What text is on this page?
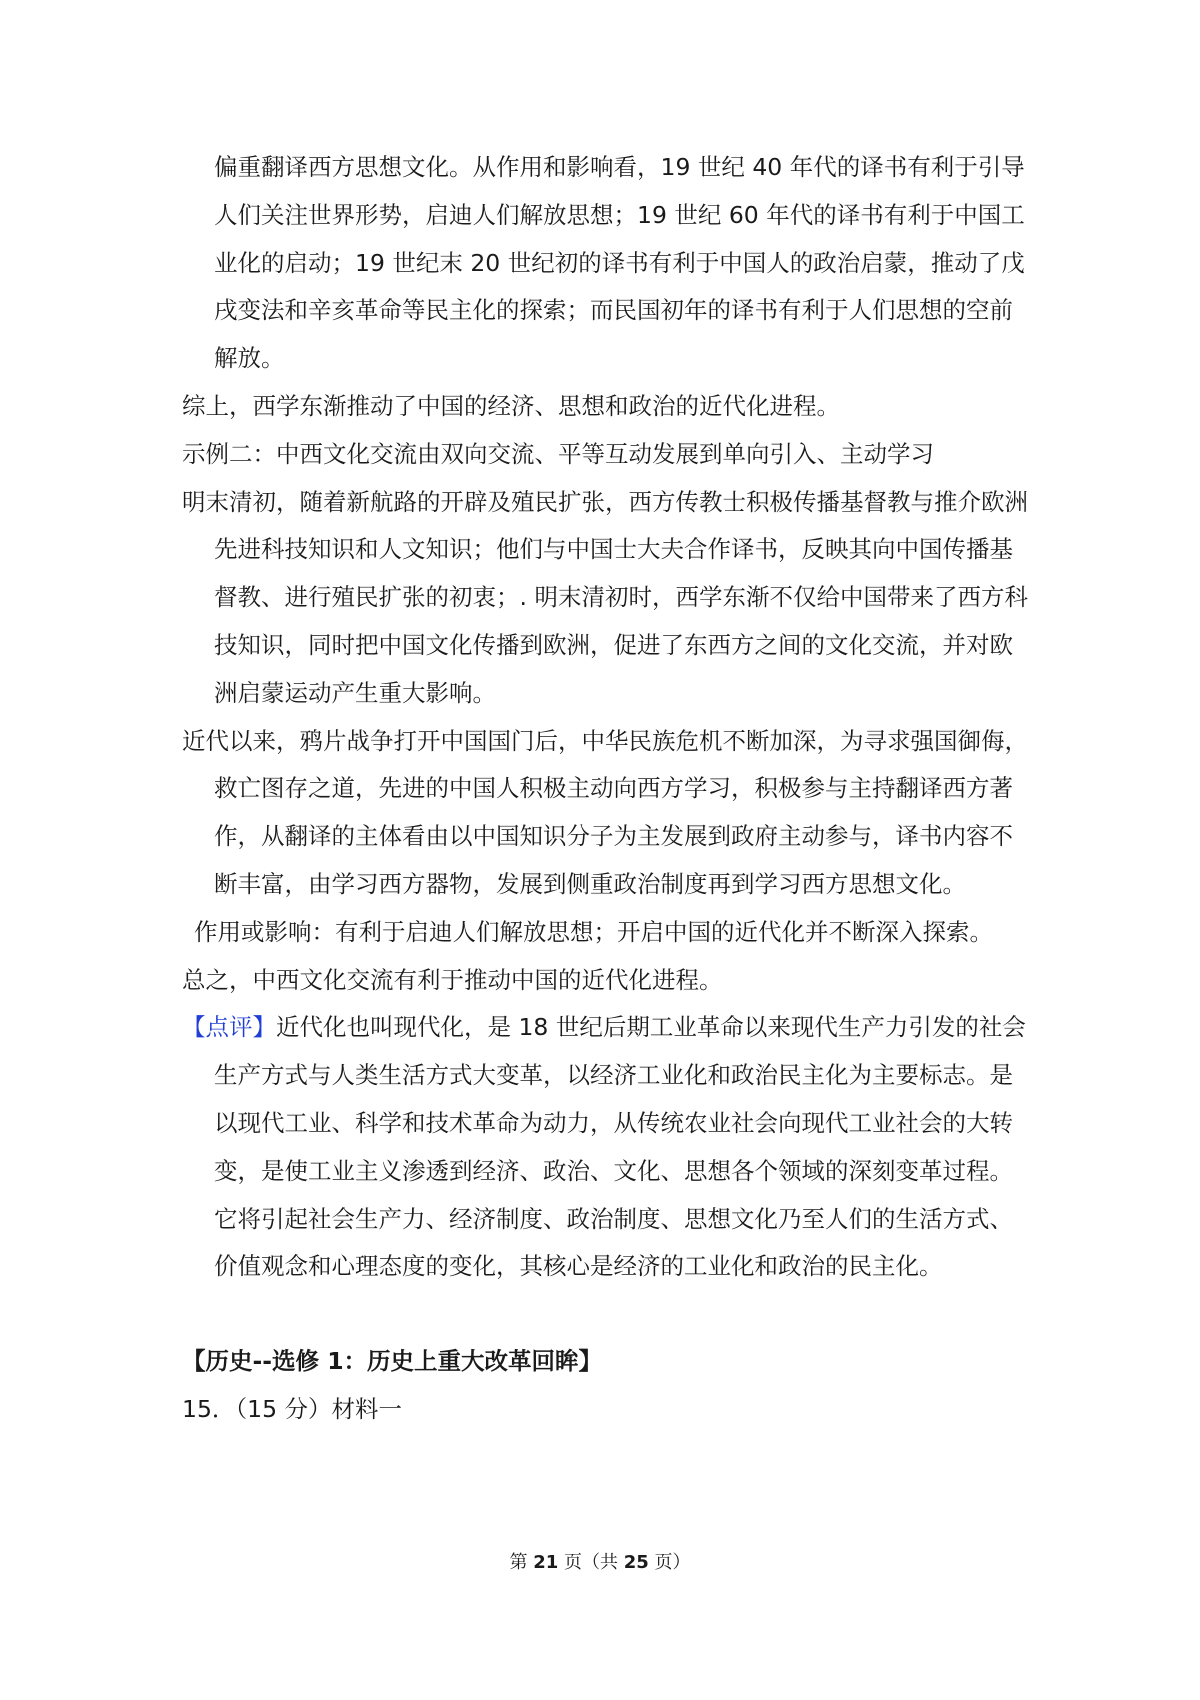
偏重翻译西方思想文化。从作用和影响看，19 世纪 40 年代的译书有利于引导人们关注世界形势，启迪人们解放思想；19 世纪 60 年代的译书有利于中国工业化的启动；19 世纪末 20 世纪初的译书有利于中国人的政治启蒙，推动了戊戌变法和辛亥革命等民主化的探索；而民国初年的译书有利于人们思想的空前解放。

综上，西学东渐推动了中国的经济、思想和政治的近代化进程。

示例二：中西文化交流由双向交流、平等互动发展到单向引入、主动学习

明末清初，随着新航路的开辟及殖民扩张，西方传教士积极传播基督教与推介欧洲先进科技知识和人文知识；他们与中国士大夫合作译书，反映其向中国传播基督教、进行殖民扩张的初衷；. 明末清初时，西学东渐不仅给中国带来了西方科技知识，同时把中国文化传播到欧洲，促进了东西方之间的文化交流，并对欧洲启蒙运动产生重大影响。

近代以来，鸦片战争打开中国国门后，中华民族危机不断加深，为寻求强国御侮，救亡图存之道，先进的中国人积极主动向西方学习，积极参与主持翻译西方著作，从翻译的主体看由以中国知识分子为主发展到政府主动参与，译书内容不断丰富，由学习西方器物，发展到侧重政治制度再到学习西方思想文化。

作用或影响：有利于启迪人们解放思想；开启中国的近代化并不断深入探索。

总之，中西文化交流有利于推动中国的近代化进程。

【点评】近代化也叫现代化，是 18 世纪后期工业革命以来现代生产力引发的社会生产方式与人类生活方式大变革，以经济工业化和政治民主化为主要标志。是以现代工业、科学和技术革命为动力，从传统农业社会向现代工业社会的大转变，是使工业主义渗透到经济、政治、文化、思想各个领域的深刻变革过程。它将引起社会生产力、经济制度、政治制度、思想文化乃至人们的生活方式、价值观念和心理态度的变化，其核心是经济的工业化和政治的民主化。

【历史--选修 1：历史上重大改革回眸】

15．（15 分）材料一

第 21 页（共 25 页）
